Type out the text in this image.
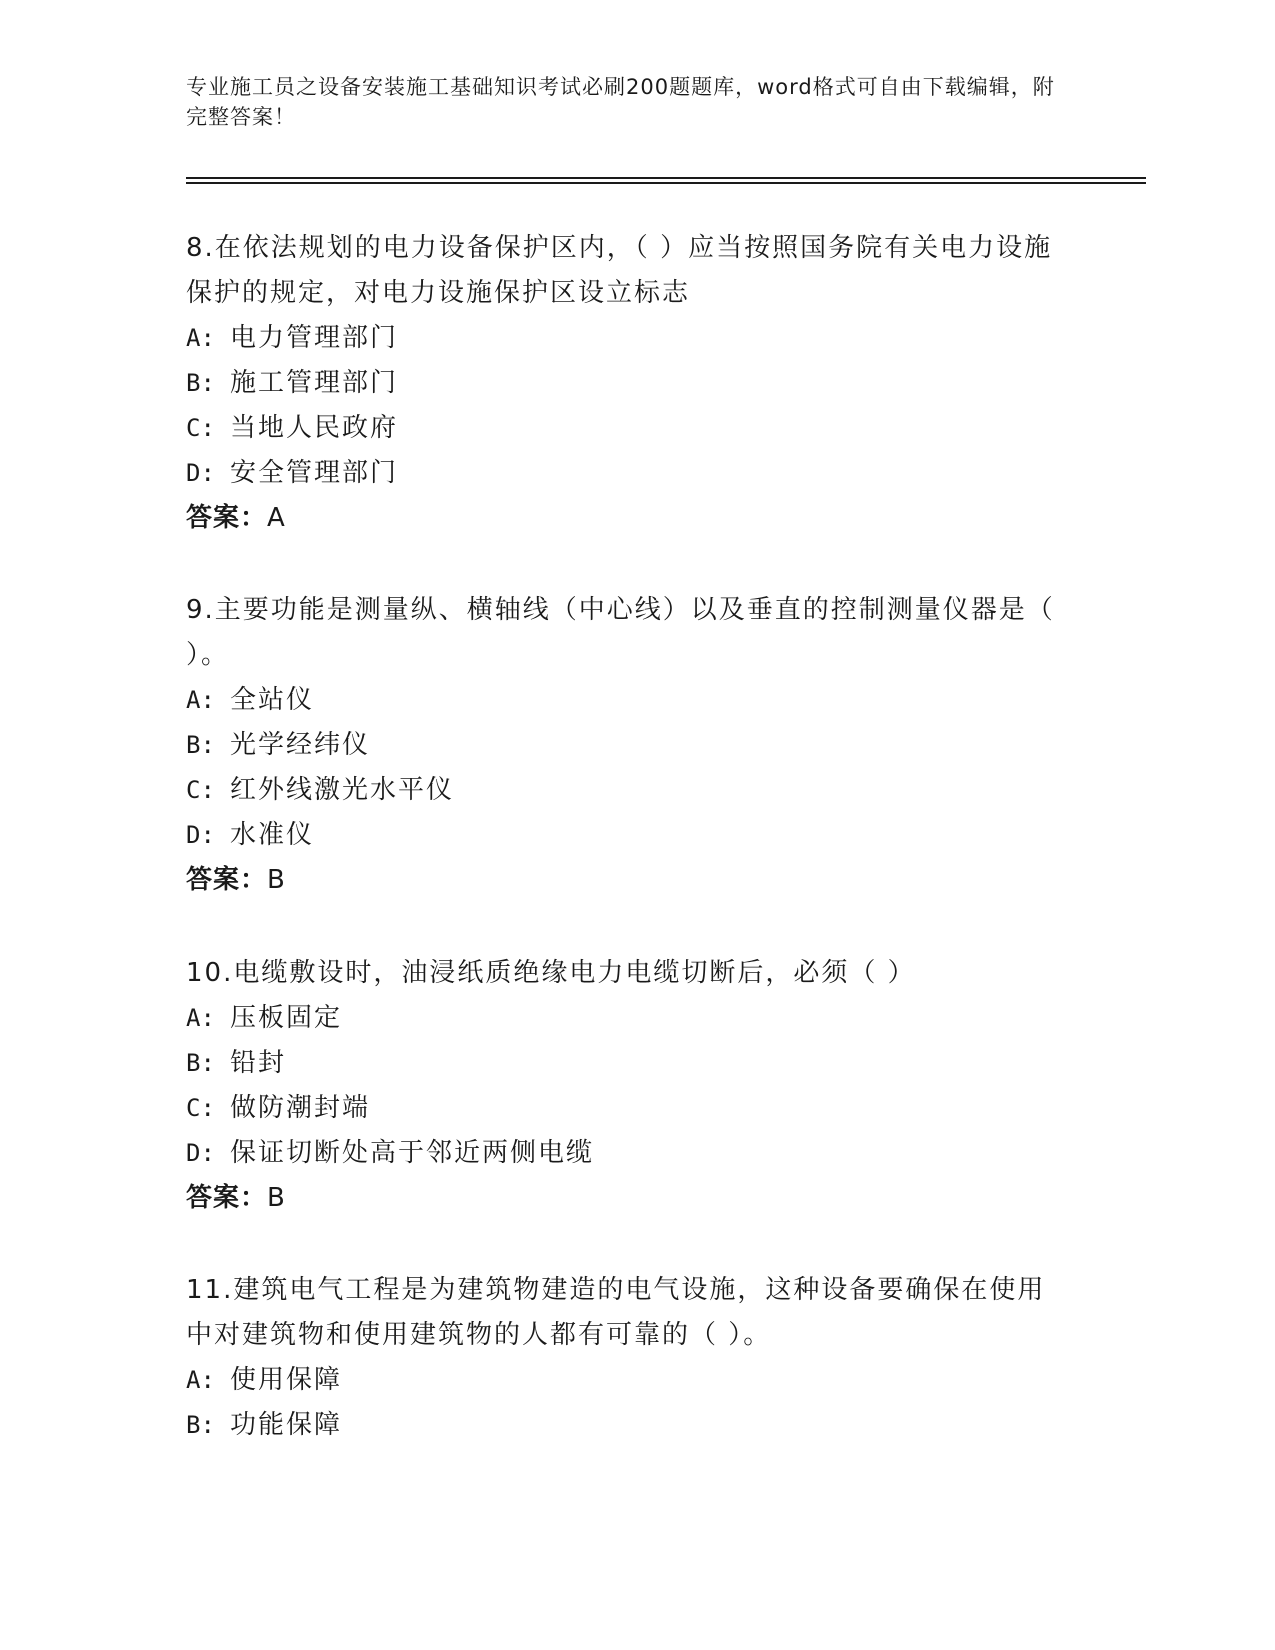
专业施工员之设备安装施工基础知识考试必刷200题题库，word格式可自由下载编辑，附完整答案！

8.在依法规划的电力设备保护区内，（ ）应当按照国务院有关电力设施保护的规定，对电力设施保护区设立标志

A: 电力管理部门

B: 施工管理部门

C: 当地人民政府

D: 安全管理部门

答案：A

9.主要功能是测量纵、横轴线（中心线）以及垂直的控制测量仪器是（ ）。

A: 全站仪

B: 光学经纬仪

C: 红外线激光水平仪

D: 水准仪

答案：B

10.电缆敷设时，油浸纸质绝缘电力电缆切断后，必须（ ）

A: 压板固定

B: 铅封

C: 做防潮封端

D: 保证切断处高于邻近两侧电缆

答案：B

11.建筑电气工程是为建筑物建造的电气设施，这种设备要确保在使用中对建筑物和使用建筑物的人都有可靠的（ ）。

A: 使用保障

B: 功能保障
